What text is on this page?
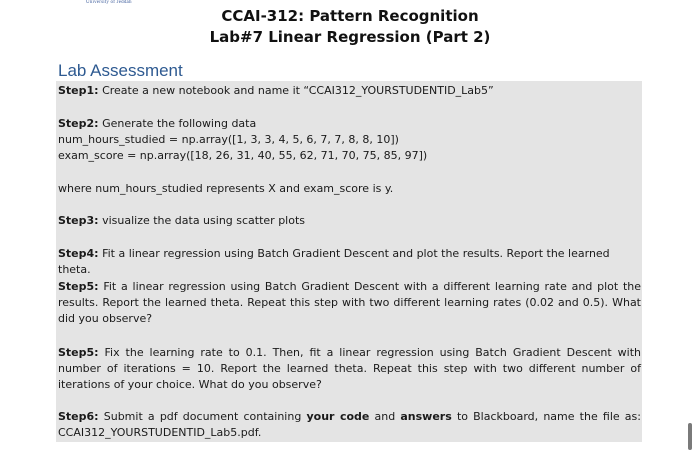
University of Jeddah
CCAI-312: Pattern Recognition
Lab#7 Linear Regression (Part 2)
Lab Assessment

Step1: Create a new notebook and name it “CCAI312_YOURSTUDENTID_Lab5”

Step2: Generate the following data
num_hours_studied = np.array([1, 3, 3, 4, 5, 6, 7, 7, 8, 8, 10])
exam_score = np.array([18, 26, 31, 40, 55, 62, 71, 70, 75, 85, 97])

where num_hours_studied represents X and exam_score is y.

Step3: visualize the data using scatter plots

Step4: Fit a linear regression using Batch Gradient Descent and plot the results. Report the learned theta.

Step5: Fit a linear regression using Batch Gradient Descent with a different learning rate and plot the results. Report the learned theta. Repeat this step with two different learning rates (0.02 and 0.5). What did you observe?

Step5: Fix the learning rate to 0.1. Then, fit a linear regression using Batch Gradient Descent with number of iterations = 10. Report the learned theta. Repeat this step with two different number of iterations of your choice. What do you observe?

Step6: Submit a pdf document containing your code and answers to Blackboard, name the file as: CCAI312_YOURSTUDENTID_Lab5.pdf.
